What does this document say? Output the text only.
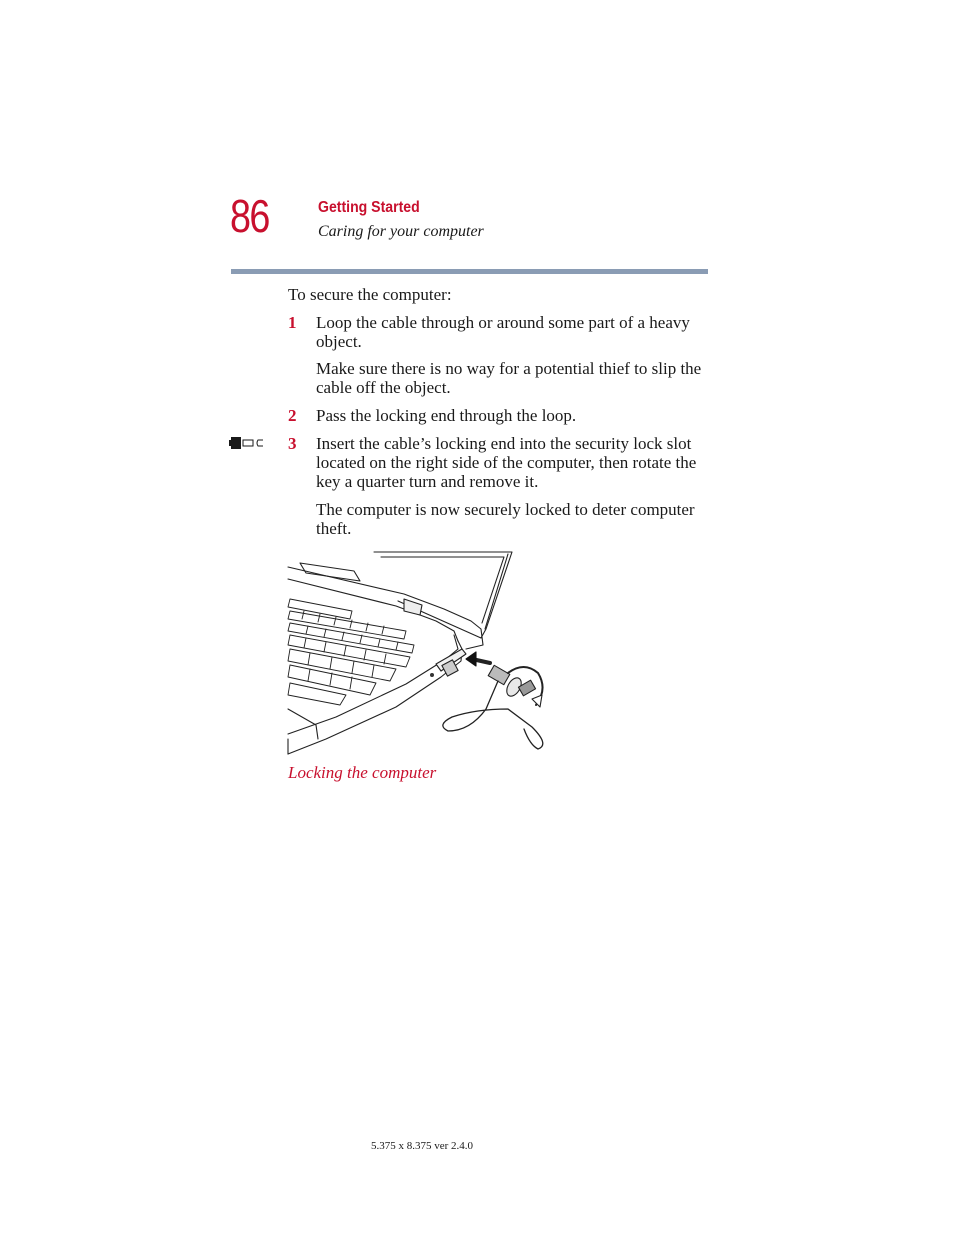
86	Getting Started
Caring for your computer
To secure the computer:
1 Loop the cable through or around some part of a heavy object.
Make sure there is no way for a potential thief to slip the cable off the object.
2 Pass the locking end through the loop.
3 Insert the cable’s locking end into the security lock slot located on the right side of the computer, then rotate the key a quarter turn and remove it.
The computer is now securely locked to deter computer theft.
Locking the computer
5.375 x 8.375 ver 2.4.0
